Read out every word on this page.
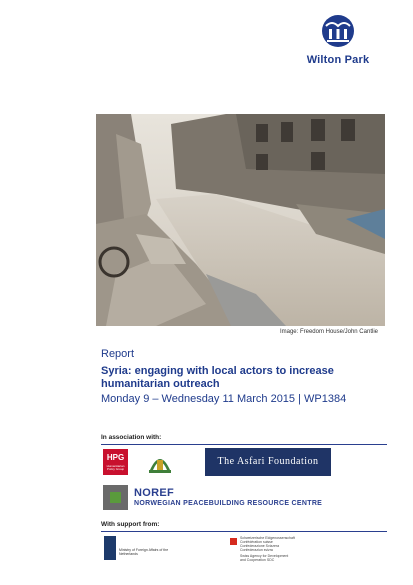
Wilton Park
Image: Freedom House/John Cantlie
Report
Syria: engaging with local actors to increase humanitarian outreach
Monday 9 – Wednesday 11 March 2015 | WP1384
In association with:
HPG
Humanitarian Policy Group
The Asfari Foundation
NOREF
NORWEGIAN PEACEBUILDING RESOURCE CENTRE
With support from:
Ministry of Foreign Affairs of the Netherlands
Schweizerische Eidgenossenschaft Confédération suisse Confederazione Svizzera Confederaziun svizra
Swiss Agency for Development and Cooperation SDC
